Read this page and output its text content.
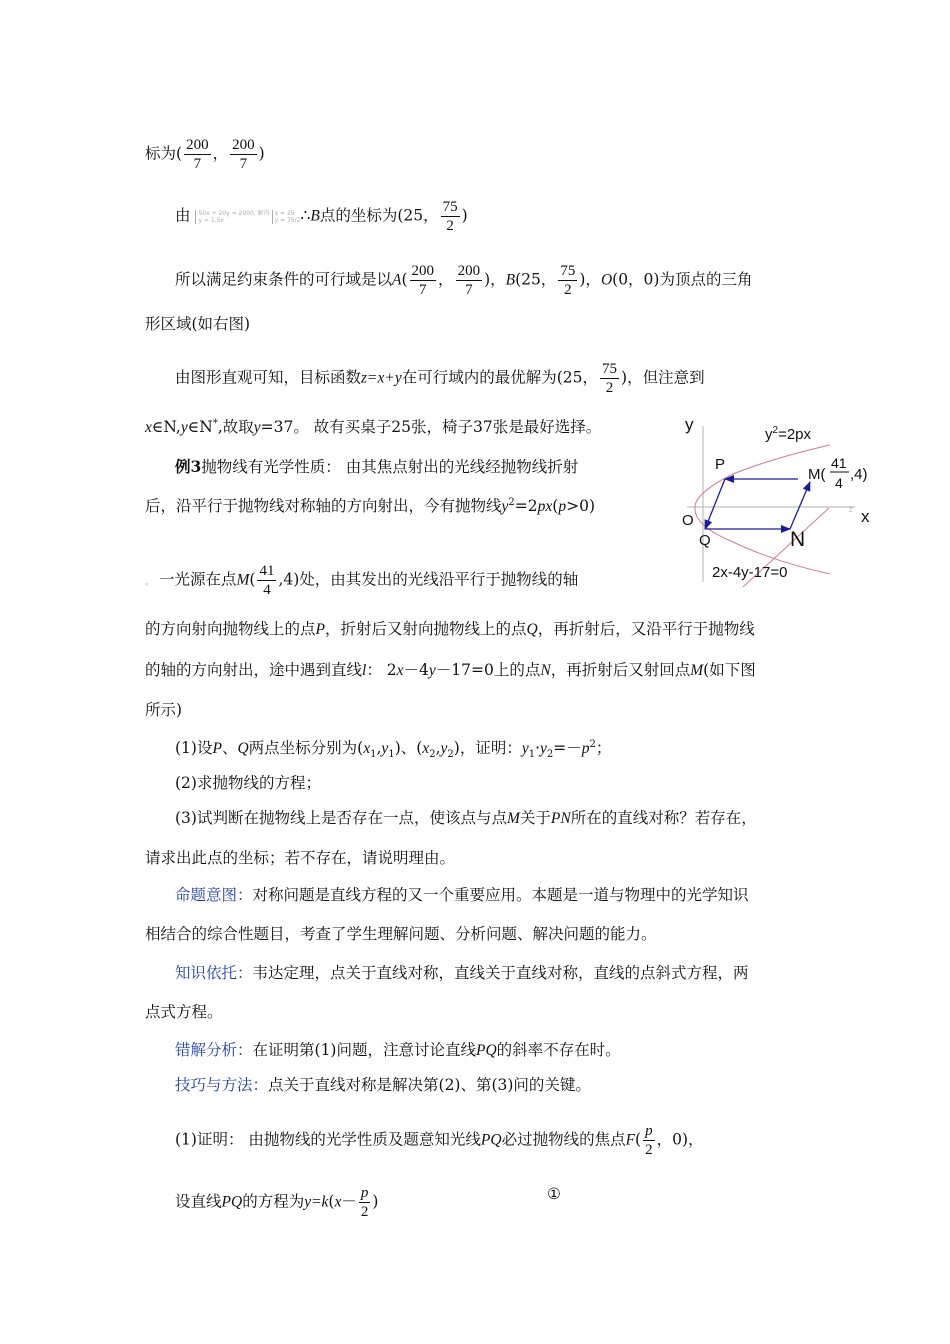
标为( $\frac{200}{7}$ ， $\frac{200}{7}$ )
由 50x + 20y = 2000, 解得
y = 1.5x
x = 25
y = 75/2 ∴B点的坐标为(25， $\frac{75}{2}$ )
所以满足约束条件的可行域是以$A( \frac{200}{7}$ ， $\frac{200}{7}$ )，B(25， $\frac{75}{2}$ )，O(0，0)为顶点的三角
形区域(如右图)
由图形直观可知，目标函数z=x+y在可行域内的最优解为(25， $\frac{75}{2}$ )，但注意到
x∈N,y∈N*,故取y=37。 故有买桌子25张，椅子37张是最好选择。
例3抛物线有光学性质： 由其焦点射出的光线经抛物线折射
后，沿平行于抛物线对称轴的方向射出，今有抛物线$y^2=2px(p>0)$
。 一光源在点$M( \frac{41}{4} ,4)$处，由其发出的光线沿平行于抛物线的轴
的方向射向抛物线上的点P，折射后又射向抛物线上的点Q，再折射后，又沿平行于抛物线
的轴的方向射出，途中遇到直线l： 2x－4y－17=0上的点N，再折射后又射回点M(如下图
所示)
(1)设P、Q两点坐标分别为$(x_1,y_1)$、$(x_2,y_2)$，证明：$y_1\cdot y_2=-p^2$；
(2)求抛物线的方程；
(3)试判断在抛物线上是否存在一点，使该点与点M关于PN所在的直线对称？若存在，
请求出此点的坐标；若不存在，请说明理由。
命题意图：对称问题是直线方程的又一个重要应用。本题是一道与物理中的光学知识
相结合的综合性题目，考查了学生理解问题、分析问题、解决问题的能力。
知识依托：韦达定理，点关于直线对称，直线关于直线对称，直线的点斜式方程，两
点式方程。
错解分析：在证明第(1)问题，注意讨论直线PQ的斜率不存在时。
技巧与方法：点关于直线对称是解决第(2)、第(3)问的关键。
(1)证明： 由抛物线的光学性质及题意知光线PQ必过抛物线的焦点$F( \frac{p}{2}$ ，0)，
设直线PQ的方程为$y=k(x- \frac{p}{2}$ )	①
y
Z x
$y^2=2px$
P
M(
41
4 ,4)
O
Q	N
2x-4y-17=0
